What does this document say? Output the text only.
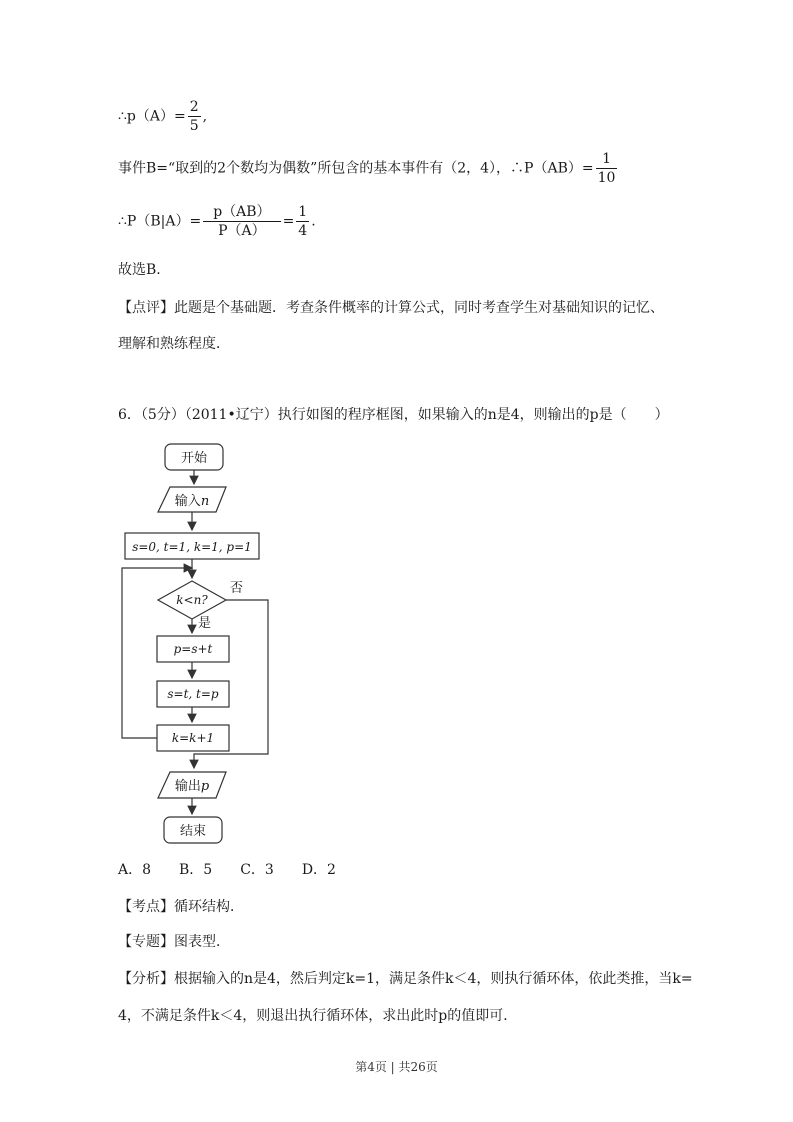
∴p（A）= $\frac{2}{5}$ ,
事件B=“取到的2个数均为偶数”所包含的基本事件有（2，4），∴P（AB）= $\frac{1}{10}$
∴P（B|A）= $\frac{p(AB)}{P(A)} = \frac{1}{4}$ .
故选B.
【点评】此题是个基础题．考查条件概率的计算公式，同时考查学生对基础知识的记忆、
理解和熟练程度．
6．（5分）（2011•辽宁）执行如图的程序框图，如果输入的n是4，则输出的p是（　　）
开始
输入n
s=0, t=1, k=1, p=1
k<n?
否
是
p=s+t
s=t, t=p
k=k+1
输出p
结束
A．8　　B．5　　C．3　　D．2
【考点】循环结构．
【专题】图表型．
【分析】根据输入的n是4，然后判定k=1，满足条件k＜4，则执行循环体，依此类推，当k=
4，不满足条件k＜4，则退出执行循环体，求出此时p的值即可．
第4页 | 共26页
